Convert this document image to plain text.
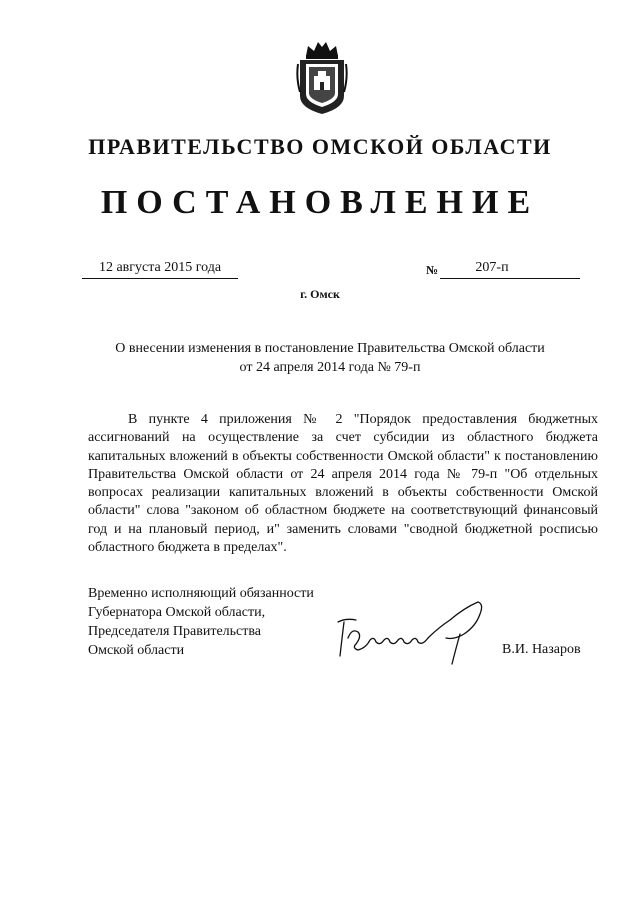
ПРАВИТЕЛЬСТВО ОМСКОЙ ОБЛАСТИ
ПОСТАНОВЛЕНИЕ
12 августа 2015 года	№	207-п
г. Омск
О внесении изменения в постановление Правительства Омской области
от 24 апреля 2014 года № 79-п
В пункте 4 приложения № 2 "Порядок предоставления бюджетных ассигнований на осуществление за счет субсидии из областного бюджета капитальных вложений в объекты собственности Омской области" к постановлению Правительства Омской области от 24 апреля 2014 года № 79-п "Об отдельных вопросах реализации капитальных вложений в объекты собственности Омской области" слова "законом об областном бюджете на соответствующий финансовый год и на плановый период, и" заменить словами "сводной бюджетной росписью областного бюджета в пределах".
Временно исполняющий обязанности
Губернатора Омской области,
Председателя Правительства
Омской области	В.И. Назаров
